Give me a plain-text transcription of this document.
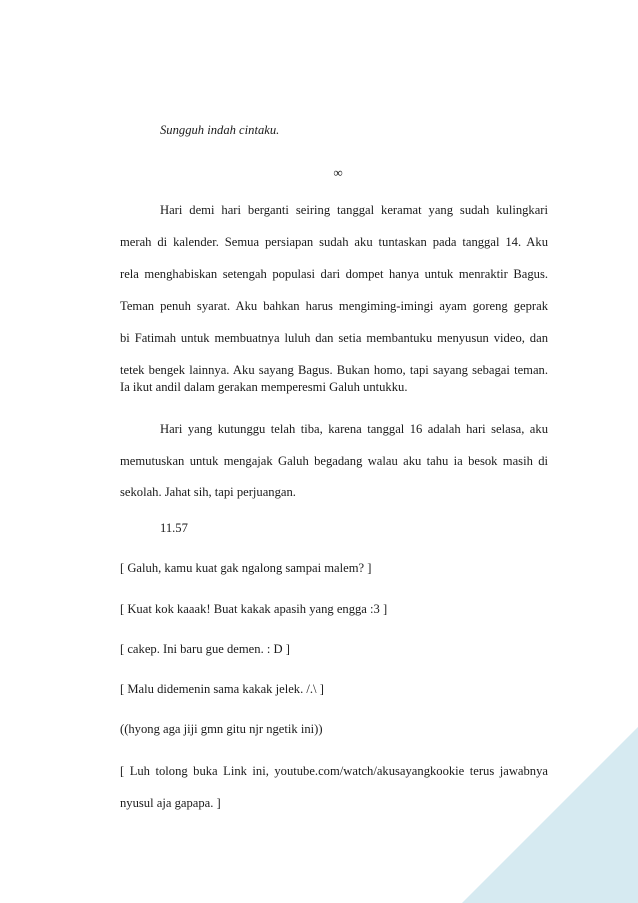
Sungguh indah cintaku.
∞
Hari demi hari berganti seiring tanggal keramat yang sudah kulingkari
merah di kalender. Semua persiapan sudah aku tuntaskan pada tanggal 14. Aku
rela menghabiskan setengah populasi dari dompet hanya untuk menraktir Bagus.
Teman penuh syarat. Aku bahkan harus mengiming-imingi ayam goreng geprak
bi Fatimah untuk membuatnya luluh dan setia membantuku menyusun video, dan
tetek bengek lainnya. Aku sayang Bagus. Bukan homo, tapi sayang sebagai teman.
Ia ikut andil dalam gerakan memperesmi Galuh untukku.
Hari yang kutunggu telah tiba, karena tanggal 16 adalah hari selasa, aku
memutuskan untuk mengajak Galuh begadang walau aku tahu ia besok masih di
sekolah. Jahat sih, tapi perjuangan.
11.57
[ Galuh, kamu kuat gak ngalong sampai malem? ]
[ Kuat kok kaaak! Buat kakak apasih yang engga :3 ]
[ cakep. Ini baru gue demen. : D ]
[ Malu didemenin sama kakak jelek. /.\ ]
((hyong aga jiji gmn gitu njr ngetik ini))
[ Luh tolong buka Link ini, youtube.com/watch/akusayangkookie terus jawabnya
nyusul aja gapapa. ]
